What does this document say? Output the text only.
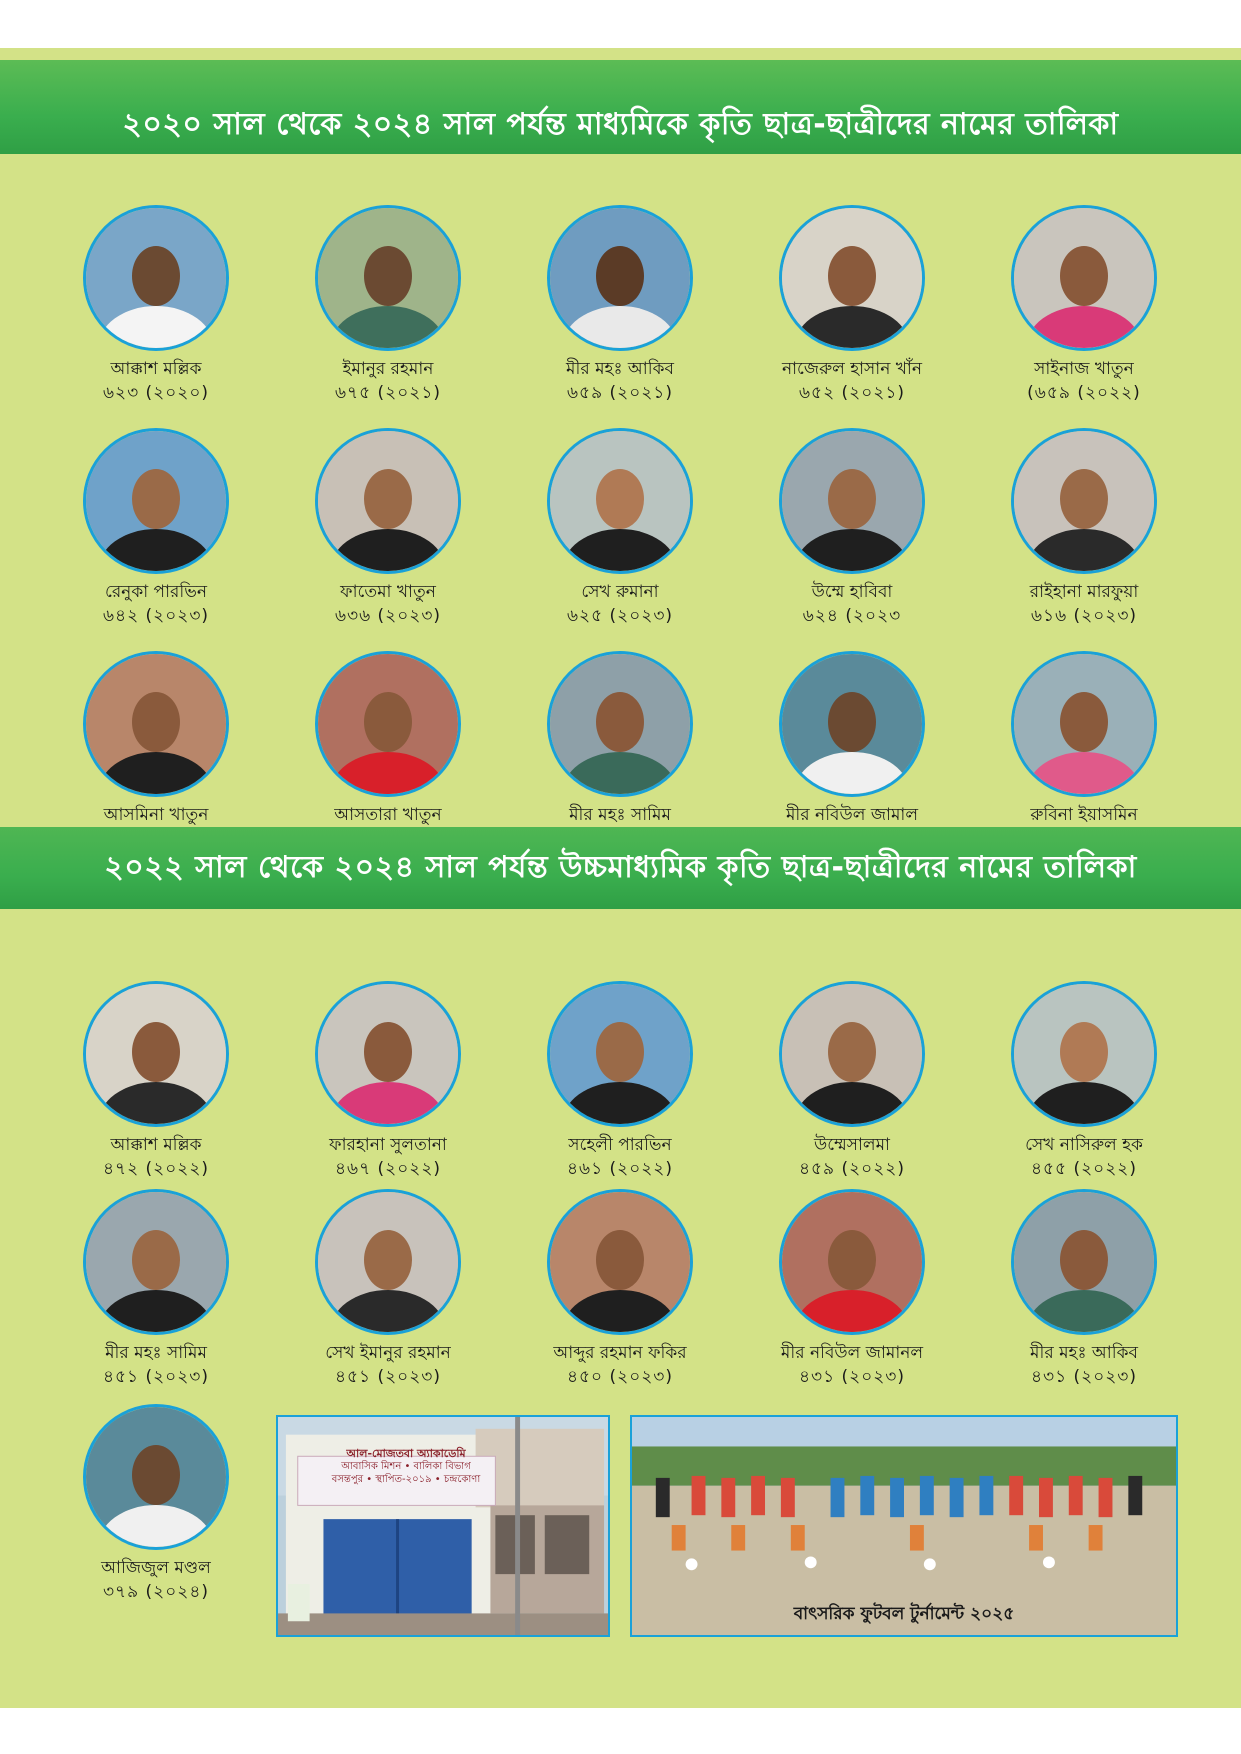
২০২০ সাল থেকে ২০২৪ সাল পর্যন্ত মাধ্যমিকে কৃতি ছাত্র-ছাত্রীদের নামের তালিকা
আক্কাশ মল্লিক
৬২৩ (২০২০)
ইমানুর রহমান
৬৭৫ (২০২১)
মীর মহঃ আকিব
৬৫৯ (২০২১)
নাজেরুল হাসান খাঁন
৬৫২ (২০২১)
সাইনাজ খাতুন
(৬৫৯ (২০২২)
রেনুকা পারভিন
৬৪২ (২০২৩)
ফাতেমা খাতুন
৬৩৬ (২০২৩)
সেখ রুমানা
৬২৫ (২০২৩)
উম্মে হাবিবা
৬২৪ (২০২৩
রাইহানা মারফুয়া
৬১৬ (২০২৩)
আসমিনা খাতুন	আসতারা খাতুন	মীর মহঃ সামিম	মীর নবিউল জামাল	রুবিনা ইয়াসমিন
২০২২ সাল থেকে ২০২৪ সাল পর্যন্ত উচ্চমাধ্যমিক কৃতি ছাত্র-ছাত্রীদের নামের তালিকা
আক্কাশ মল্লিক
৪৭২ (২০২২)
ফারহানা সুলতানা
৪৬৭ (২০২২)
সহেলী পারভিন
৪৬১ (২০২২)
উম্মেসালমা
৪৫৯ (২০২২)
সেখ নাসিরুল হক
৪৫৫ (২০২২)
মীর মহঃ সামিম
৪৫১ (২০২৩)
সেখ ইমানুর রহমান
৪৫১ (২০২৩)
আব্দুর রহমান ফকির
৪৫০ (২০২৩)
মীর নবিউল জামানল
৪৩১ (২০২৩)
মীর মহঃ আকিব
৪৩১ (২০২৩)
আজিজুল মণ্ডল
৩৭৯ (২০২৪)
আল-মোজতবা অ্যাকাডেমি
আবাসিক মিশন • বালিকা বিভাগ
বসন্তপুর • স্থাপিত-২০১৯ • চন্দ্রকোণা
বাৎসরিক ফুটবল টুর্নামেন্ট ২০২৫
